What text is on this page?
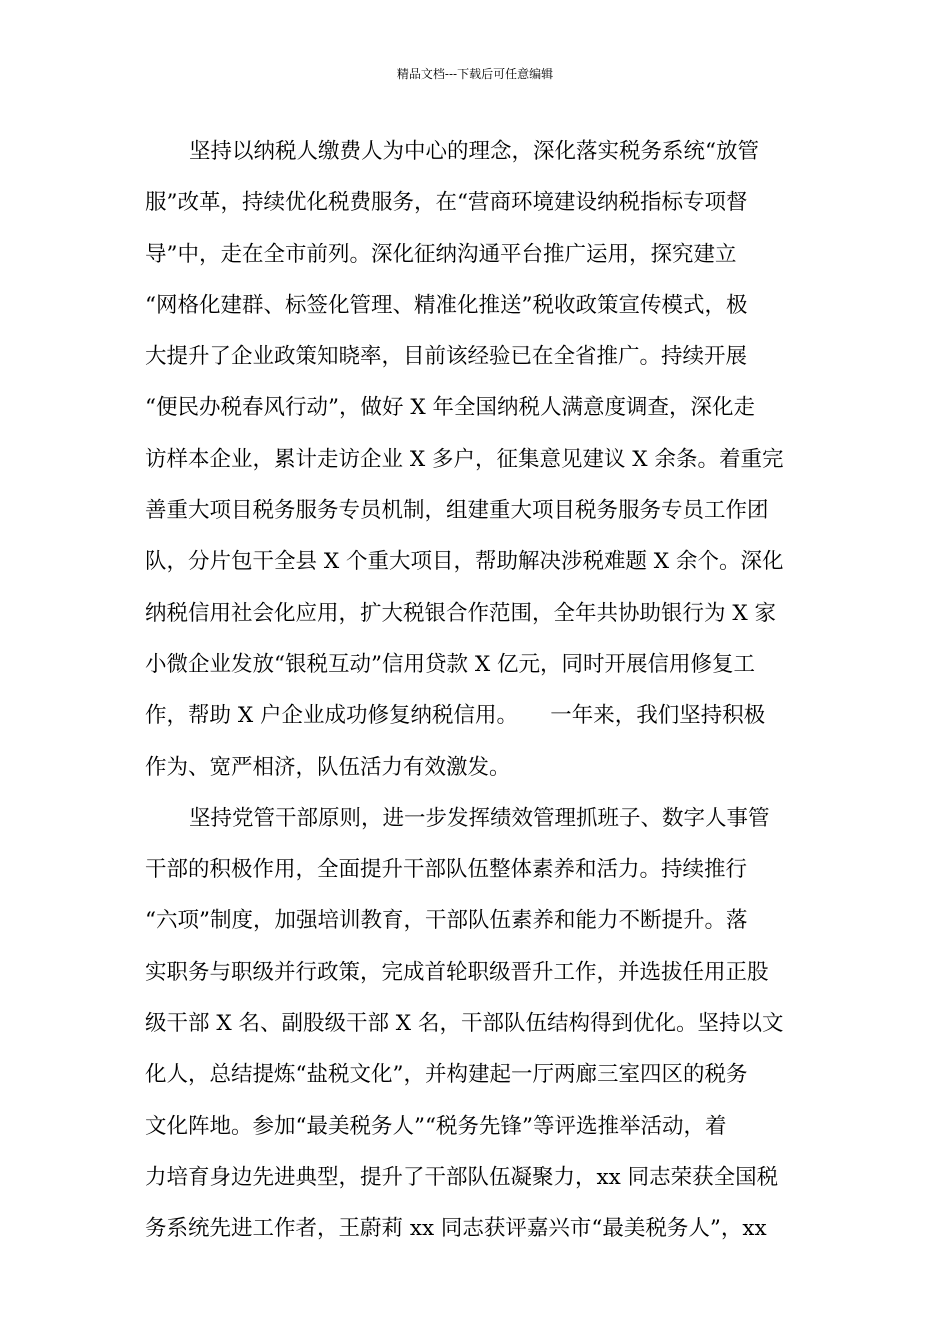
精品文档---下载后可任意编辑
坚持以纳税人缴费人为中心的理念，深化落实税务系统“放管
服”改革，持续优化税费服务，在“营商环境建设纳税指标专项督
导”中，走在全市前列。深化征纳沟通平台推广运用，探究建立
“网格化建群、标签化管理、精准化推送”税收政策宣传模式，极
大提升了企业政策知晓率，目前该经验已在全省推广。持续开展
“便民办税春风行动”，做好 X 年全国纳税人满意度调查，深化走
访样本企业，累计走访企业 X 多户，征集意见建议 X 余条。着重完
善重大项目税务服务专员机制，组建重大项目税务服务专员工作团
队，分片包干全县 X 个重大项目，帮助解决涉税难题 X 余个。深化
纳税信用社会化应用，扩大税银合作范围，全年共协助银行为 X 家
小微企业发放“银税互动”信用贷款 X 亿元，同时开展信用修复工
作，帮助 X 户企业成功修复纳税信用。　　一年来，我们坚持积极
作为、宽严相济，队伍活力有效激发。
坚持党管干部原则，进一步发挥绩效管理抓班子、数字人事管
干部的积极作用，全面提升干部队伍整体素养和活力。持续推行
“六项”制度，加强培训教育，干部队伍素养和能力不断提升。落
实职务与职级并行政策，完成首轮职级晋升工作，并选拔任用正股
级干部 X 名、副股级干部 X 名，干部队伍结构得到优化。坚持以文
化人，总结提炼“盐税文化”，并构建起一厅两廊三室四区的税务
文化阵地。参加“最美税务人”“税务先锋”等评选推举活动，着
力培育身边先进典型，提升了干部队伍凝聚力，xx 同志荣获全国税
务系统先进工作者，王蔚莉 xx 同志获评嘉兴市“最美税务人”，xx
